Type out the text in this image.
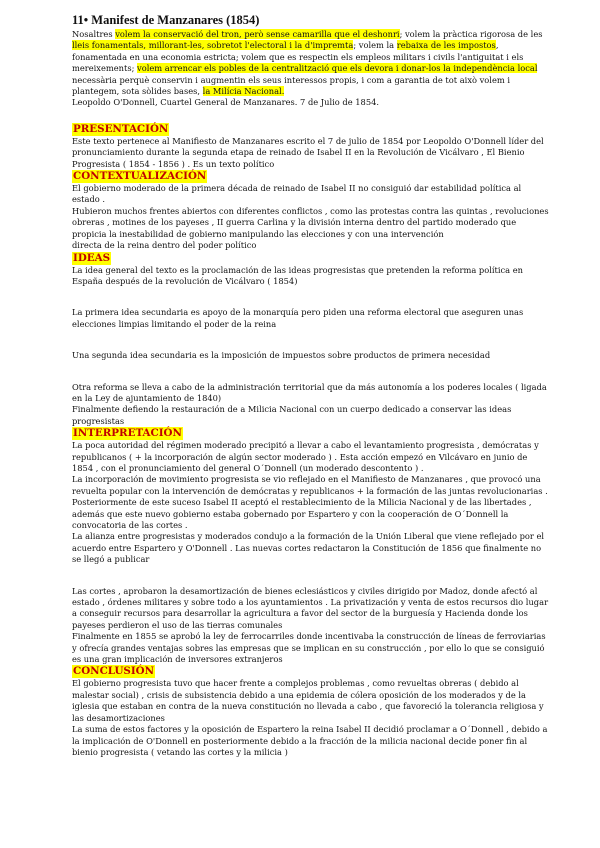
11• Manifest de Manzanares (1854)

Nosaltres volem la conservació del tron, però sense camarilla que el deshonri; volem la pràctica rigorosa de les lleis fonamentals, millorant-les, sobretot l'electoral i la d'impremta; volem la rebaixa de les impostos, fonamentada en una economia estricta; volem que es respectin els empleos militars i civils l'antiguitat i els mereixements; volem arrencar els pobles de la centralització que els devora i donar-los la independència local necessària perquè conservin i augmentin els seus interessos propis, i com a garantia de tot això volem i plantegem, sota sòlides bases, la Milícia Nacional.

Leopoldo O'Donnell, Cuartel General de Manzanares. 7 de Julio de 1854.

PRESENTACIÓN

Este texto pertenece al Manifiesto de Manzanares escrito el 7 de julio de 1854 por Leopoldo O'Donnell líder del pronunciamiento durante la segunda etapa de reinado de Isabel II en la Revolución de Vicálvaro , El Bienio Progresista ( 1854 - 1856 ) . Es un texto político

CONTEXTUALIZACIÓN

El gobierno moderado de la primera década de reinado de Isabel II no consiguió dar estabilidad política al estado .

Hubieron muchos frentes abiertos con diferentes conflictos , como las protestas contra las quintas , revoluciones obreras , motines de los payeses , II guerra Carlina y la división interna dentro del partido moderado que propicia la inestabilidad de gobierno manipulando las elecciones y con una intervención

directa de la reina dentro del poder político

IDEAS

La idea general del texto es la proclamación de las ideas progresistas que pretenden la reforma política en España después de la revolución de Vicálvaro ( 1854)

La primera idea secundaria es apoyo de la monarquía pero piden una reforma electoral que aseguren unas elecciones limpias limitando el poder de la reina

Una segunda idea secundaria es la imposición de impuestos sobre productos de primera necesidad

Otra reforma se lleva a cabo de la administración territorial que da más autonomía a los poderes locales ( ligada en la Ley de ajuntamiento de 1840)

Finalmente defiendo la restauración de a Milicia Nacional con un cuerpo dedicado a conservar las ideas progresistas

INTERPRETACIÓN

La poca autoridad del régimen moderado precipitó a llevar a cabo el levantamiento progresista , demócratas y republicanos ( + la incorporación de algún sector moderado ) . Esta acción empezó en Vilcávaro en junio de 1854 , con el pronunciamiento del general O´Donnell (un moderado descontento ) .

La incorporación de movimiento progresista se vio reflejado en el Manifiesto de Manzanares , que provocó una revuelta popular con la intervención de demócratas y republicanos + la formación de las juntas revolucionarias .

Posteriormente de este suceso Isabel II aceptó el restablecimiento de la Milicia Nacional y de las libertades , además que este nuevo gobierno estaba gobernado por Espartero y con la cooperación de O´Donnell la convocatoria de las cortes .

La alianza entre progresistas y moderados condujo a la formación de la Unión Liberal que viene reflejado por el acuerdo entre Espartero y O'Donnell . Las nuevas cortes redactaron la Constitución de 1856 que finalmente no se llegó a publicar

Las cortes , aprobaron la desamortización de bienes eclesiásticos y civiles dirigido por Madoz, donde afectó al estado , órdenes militares y sobre todo a los ayuntamientos . La privatización y venta de estos recursos dio lugar a conseguir recursos para desarrollar la agricultura a favor del sector de la burguesía y Hacienda donde los payeses perdieron el uso de las tierras comunales

Finalmente en 1855 se aprobó la ley de ferrocarriles donde incentivaba la construcción de líneas de ferroviarias y ofrecía grandes ventajas sobres las empresas que se implican en su construcción , por ello lo que se consiguió es una gran implicación de inversores extranjeros

CONCLUSIÓN

El gobierno progresista tuvo que hacer frente a complejos problemas , como revueltas obreras ( debido al malestar social) , crisis de subsistencia debido a una epidemia de cólera oposición de los moderados y de la iglesia que estaban en contra de la nueva constitución no llevada a cabo , que favoreció la tolerancia religiosa y las desamortizaciones

La suma de estos factores y la oposición de Espartero la reina Isabel II decidió proclamar a O´Donnell , debido a la implicación de O'Donnell en posteriormente debido a la fracción de la milicia nacional decide poner fin al bienio progresista ( vetando las cortes y la milicia )
